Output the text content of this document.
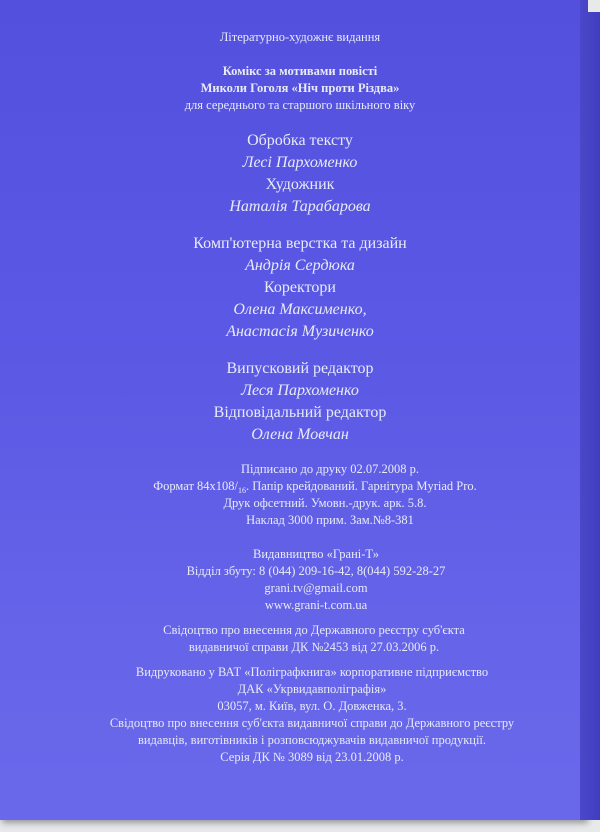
Літературно-художнє видання
Комікс за мотивами повісті
Миколи Гоголя «Ніч проти Різдва»
для середнього та старшого шкільного віку
Обробка тексту
Лесі Пархоменко
Художник
Наталія Тарабарова
Комп'ютерна верстка та дизайн
Андрія Сердюка
Коректори
Олена Максименко,
Анастасія Музиченко
Випусковий редактор
Леся Пархоменко
Відповідальний редактор
Олена Мовчан
Підписано до друку 02.07.2008 р.
Формат $84x108/_{16}$. Папір крейдований. Гарнітура Myriad Pro.
Друк офсетний. Умовн.-друк. арк. 5.8.
Наклад 3000 прим. Зам.№8-381
Видавництво «Грані-Т»
Відділ збуту: 8 (044) 209-16-42, 8(044) 592-28-27
grani.tv@gmail.com
www.grani-t.com.ua
Свідоцтво про внесення до Державного реєстру суб'єкта
видавничої справи ДК №2453 від 27.03.2006 р.
Видруковано у ВАТ «Поліграфкнига» корпоративне підприємство
ДАК «Укрвидавполіграфія»
03057, м. Київ, вул. О. Довженка, 3.
Свідоцтво про внесення суб'єкта видавничої справи до Державного реєстру
видавців, виготівників і розповсюджувачів видавничої продукції.
Серія ДК № 3089 від 23.01.2008 р.
